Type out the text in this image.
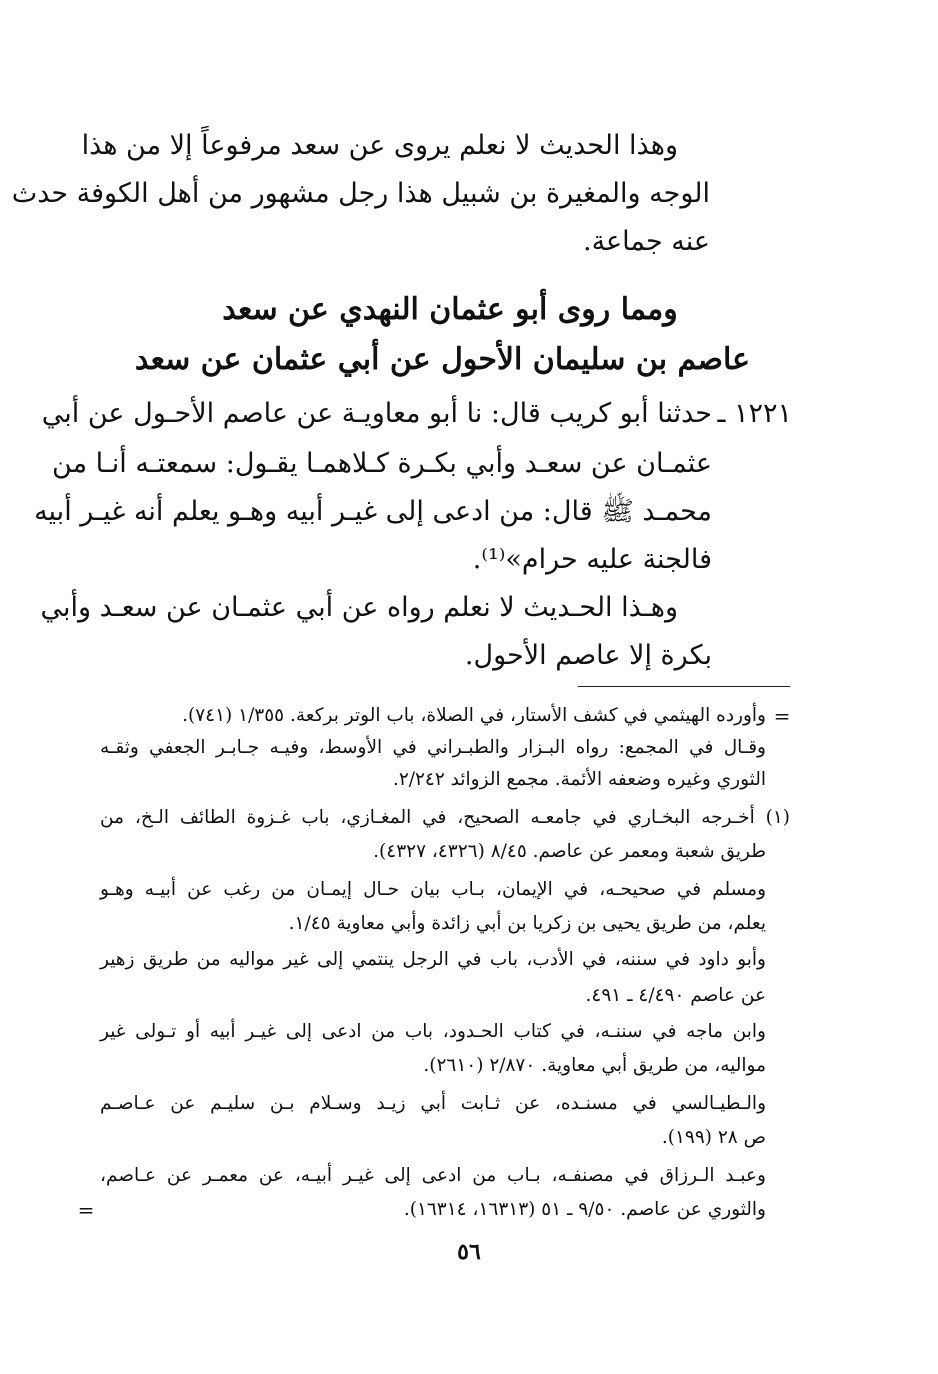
وهذا الحديث لا نعلم يروى عن سعد مرفوعاً إلا من هذا
الوجه والمغيرة بن شبيل هذا رجل مشهور من أهل الكوفة حدث
عنه جماعة.
ومما روى أبو عثمان النهدي عن سعد
عاصم بن سليمان الأحول عن أبي عثمان عن سعد
١٢٢١ ـ
حدثنا أبو كريب قال: نا أبو معاويـة عن عاصم الأحـول عن أبي
عثمـان عن سعـد وأبي بكـرة كـلاهمـا يقـول: سمعتـه أنـا من
محمـد ﷺ قال: من ادعى إلى غيـر أبيه وهـو يعلم أنه غيـر أبيه
فالجنة عليه حرام»⁽¹⁾.
وهـذا الحـديث لا نعلم رواه عن أبي عثمـان عن سعـد وأبي
بكرة إلا عاصم الأحول.
=
وأورده الهيثمي في كشف الأستار، في الصلاة، باب الوتر بركعة. ١/٣٥٥ (٧٤١).
وقـال في المجمع: رواه البـزار والطبـراني في الأوسط، وفيـه جـابـر الجعفي وثقـه
الثوري وغيره وضعفه الأئمة. مجمع الزوائد ٢/٢٤٢.
(١) أخـرجه البخـاري في جامعـه الصحيح، في المغـازي، باب غـزوة الطائف الـخ، من
طريق شعبة ومعمر عن عاصم. ٨/٤٥ (٤٣٢٦، ٤٣٢٧).
ومسلم في صحيحـه، في الإيمان، بـاب بيان حـال إيمـان من رغب عن أبيـه وهـو
يعلم، من طريق يحيى بن زكريا بن أبي زائدة وأبي معاوية ١/٤٥.
وأبو داود في سننه، في الأدب، باب في الرجل ينتمي إلى غير مواليه من طريق زهير
عن عاصم ٤/٤٩٠ ـ ٤٩١.
وابن ماجه في سننـه، في كتاب الحـدود، باب من ادعى إلى غيـر أبيه أو تـولى غير
مواليه، من طريق أبي معاوية. ٢/٨٧٠ (٢٦١٠).
والـطيـالسي في مسنـده، عن ثـابت أبي زيـد وسـلام بـن سليـم عن عـاصـم
ص ٢٨ (١٩٩).
وعبـد الـرزاق في مصنفـه، بـاب من ادعى إلى غيـر أبيـه، عن معمـر عن عـاصم،
والثوري عن عاصم. ٩/٥٠ ـ ٥١ (١٦٣١٣، ١٦٣١٤).
=
٥٦
